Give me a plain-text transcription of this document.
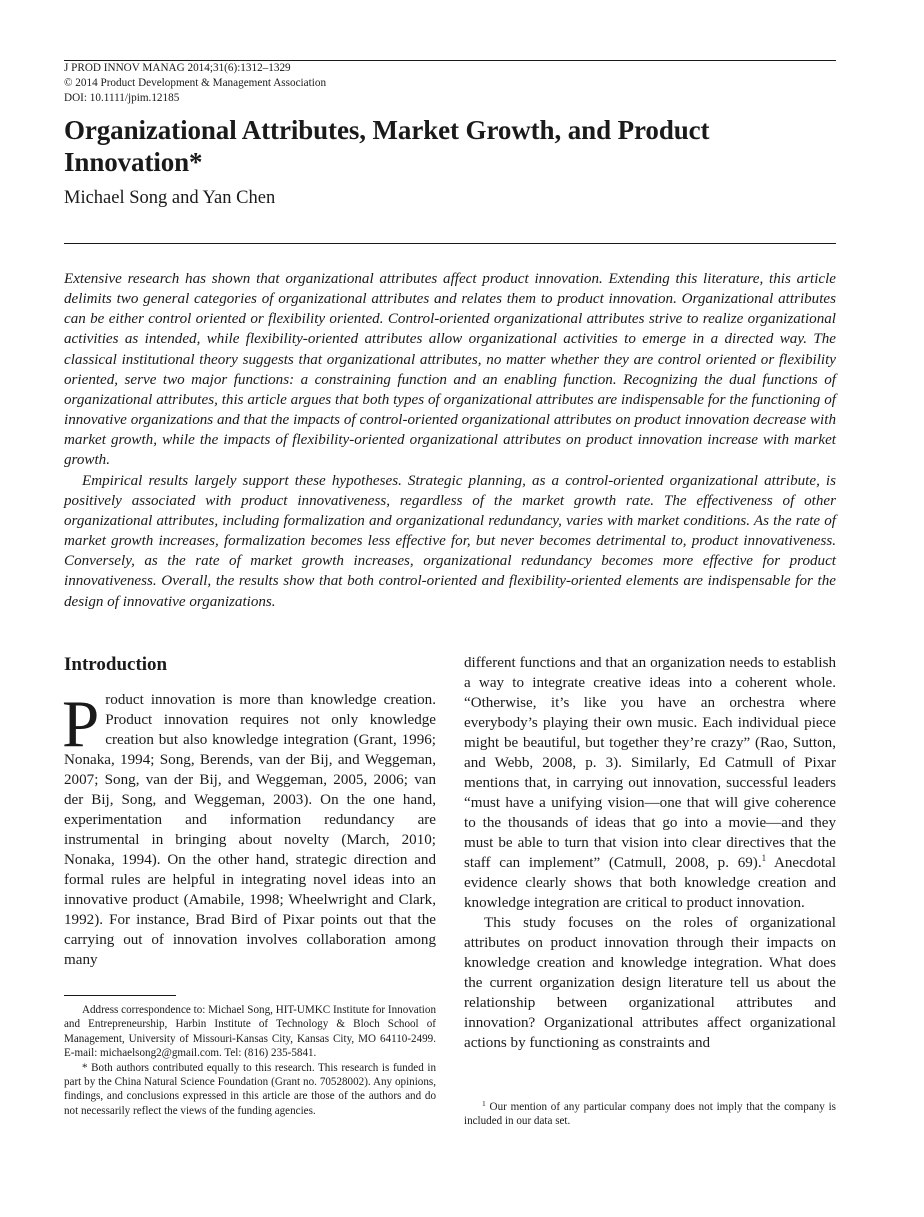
J PROD INNOV MANAG 2014;31(6):1312–1329
© 2014 Product Development & Management Association
DOI: 10.1111/jpim.12185
Organizational Attributes, Market Growth, and Product Innovation*
Michael Song and Yan Chen

Extensive research has shown that organizational attributes affect product innovation. Extending this literature, this article delimits two general categories of organizational attributes and relates them to product innovation. Organizational attributes can be either control oriented or flexibility oriented. Control-oriented organizational attributes strive to realize organizational activities as intended, while flexibility-oriented attributes allow organizational activities to emerge in a directed way. The classical institutional theory suggests that organizational attributes, no matter whether they are control oriented or flexibility oriented, serve two major functions: a constraining function and an enabling function. Recognizing the dual functions of organizational attributes, this article argues that both types of organizational attributes are indispensable for the functioning of innovative organizations and that the impacts of control-oriented organizational attributes on product innovation decrease with market growth, while the impacts of flexibility-oriented organizational attributes on product innovation increase with market growth.

Empirical results largely support these hypotheses. Strategic planning, as a control-oriented organizational attribute, is positively associated with product innovativeness, regardless of the market growth rate. The effectiveness of other organizational attributes, including formalization and organizational redundancy, varies with market conditions. As the rate of market growth increases, formalization becomes less effective for, but never becomes detrimental to, product innovativeness. Conversely, as the rate of market growth increases, organizational redundancy becomes more effective for product innovativeness. Overall, the results show that both control-oriented and flexibility-oriented elements are indispensable for the design of innovative organizations.

Introduction

Product innovation is more than knowledge creation. Product innovation requires not only knowledge creation but also knowledge integration (Grant, 1996; Nonaka, 1994; Song, Berends, van der Bij, and Weggeman, 2007; Song, van der Bij, and Weggeman, 2005, 2006; van der Bij, Song, and Weggeman, 2003). On the one hand, experimentation and information redundancy are instrumental in bringing about novelty (March, 2010; Nonaka, 1994). On the other hand, strategic direction and formal rules are helpful in integrating novel ideas into an innovative product (Amabile, 1998; Wheelwright and Clark, 1992). For instance, Brad Bird of Pixar points out that the carrying out of innovation involves collaboration among many

different functions and that an organization needs to establish a way to integrate creative ideas into a coherent whole. “Otherwise, it’s like you have an orchestra where everybody’s playing their own music. Each individual piece might be beautiful, but together they’re crazy” (Rao, Sutton, and Webb, 2008, p. 3). Similarly, Ed Catmull of Pixar mentions that, in carrying out innovation, successful leaders “must have a unifying vision—one that will give coherence to the thousands of ideas that go into a movie—and they must be able to turn that vision into clear directives that the staff can implement” (Catmull, 2008, p. 69).$^1$ Anecdotal evidence clearly shows that both knowledge creation and knowledge integration are critical to product innovation.

This study focuses on the roles of organizational attributes on product innovation through their impacts on knowledge creation and knowledge integration. What does the current organization design literature tell us about the relationship between organizational attributes and innovation? Organizational attributes affect organizational actions by functioning as constraints and

Address correspondence to: Michael Song, HIT-UMKC Institute for Innovation and Entrepreneurship, Harbin Institute of Technology & Bloch School of Management, University of Missouri-Kansas City, Kansas City, MO 64110-2499. E-mail: michaelsong2@gmail.com. Tel: (816) 235-5841.

* Both authors contributed equally to this research. This research is funded in part by the China Natural Science Foundation (Grant no. 70528002). Any opinions, findings, and conclusions expressed in this article are those of the authors and do not necessarily reflect the views of the funding agencies.

$^1$ Our mention of any particular company does not imply that the company is included in our data set.
